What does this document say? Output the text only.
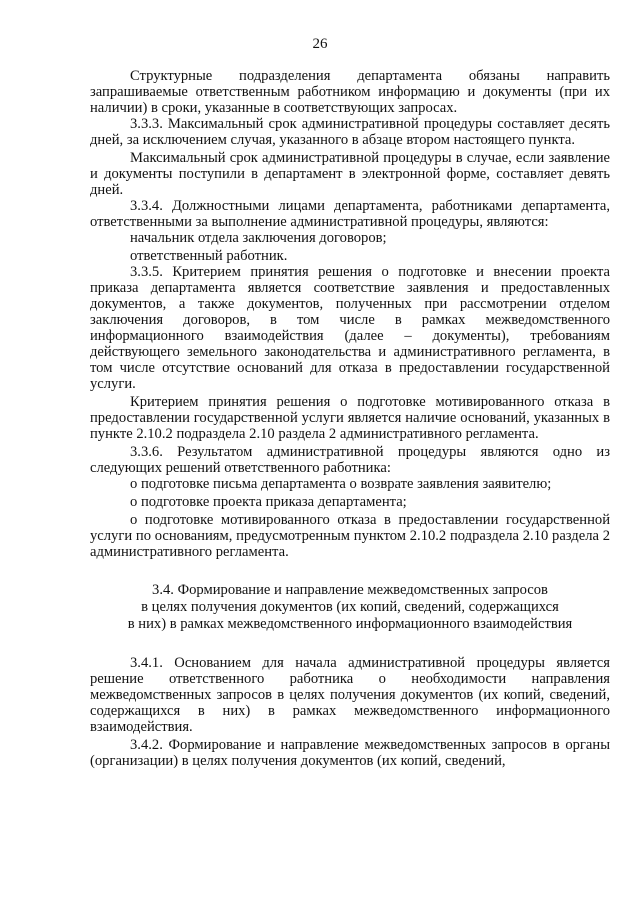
26

Структурные подразделения департамента обязаны направить запрашиваемые ответственным работником информацию и документы (при их наличии) в сроки, указанные в соответствующих запросах.

3.3.3. Максимальный срок административной процедуры составляет десять дней, за исключением случая, указанного в абзаце втором настоящего пункта.

Максимальный срок административной процедуры в случае, если заявление и документы поступили в департамент в электронной форме, составляет девять дней.

3.3.4. Должностными лицами департамента, работниками департамента, ответственными за выполнение административной процедуры, являются:

начальник отдела заключения договоров;

ответственный работник.

3.3.5. Критерием принятия решения о подготовке и внесении проекта приказа департамента является соответствие заявления и предоставленных документов, а также документов, полученных при рассмотрении отделом заключения договоров, в том числе в рамках межведомственного информационного взаимодействия (далее – документы), требованиям действующего земельного законодательства и административного регламента, в том числе отсутствие оснований для отказа в предоставлении государственной услуги.

Критерием принятия решения о подготовке мотивированного отказа в предоставлении государственной услуги является наличие оснований, указанных в пункте 2.10.2 подраздела 2.10 раздела 2 административного регламента.

3.3.6. Результатом административной процедуры являются одно из следующих решений ответственного работника:

о подготовке письма департамента о возврате заявления заявителю;

о подготовке проекта приказа департамента;

о подготовке мотивированного отказа в предоставлении государственной услуги по основаниям, предусмотренным пунктом 2.10.2 подраздела 2.10 раздела 2 административного регламента.

3.4. Формирование и направление межведомственных запросов
в целях получения документов (их копий, сведений, содержащихся
в них) в рамках межведомственного информационного взаимодействия

3.4.1. Основанием для начала административной процедуры является решение ответственного работника о необходимости направления межведомственных запросов в целях получения документов (их копий, сведений, содержащихся в них) в рамках межведомственного информационного взаимодействия.

3.4.2. Формирование и направление межведомственных запросов в органы (организации) в целях получения документов (их копий, сведений,
